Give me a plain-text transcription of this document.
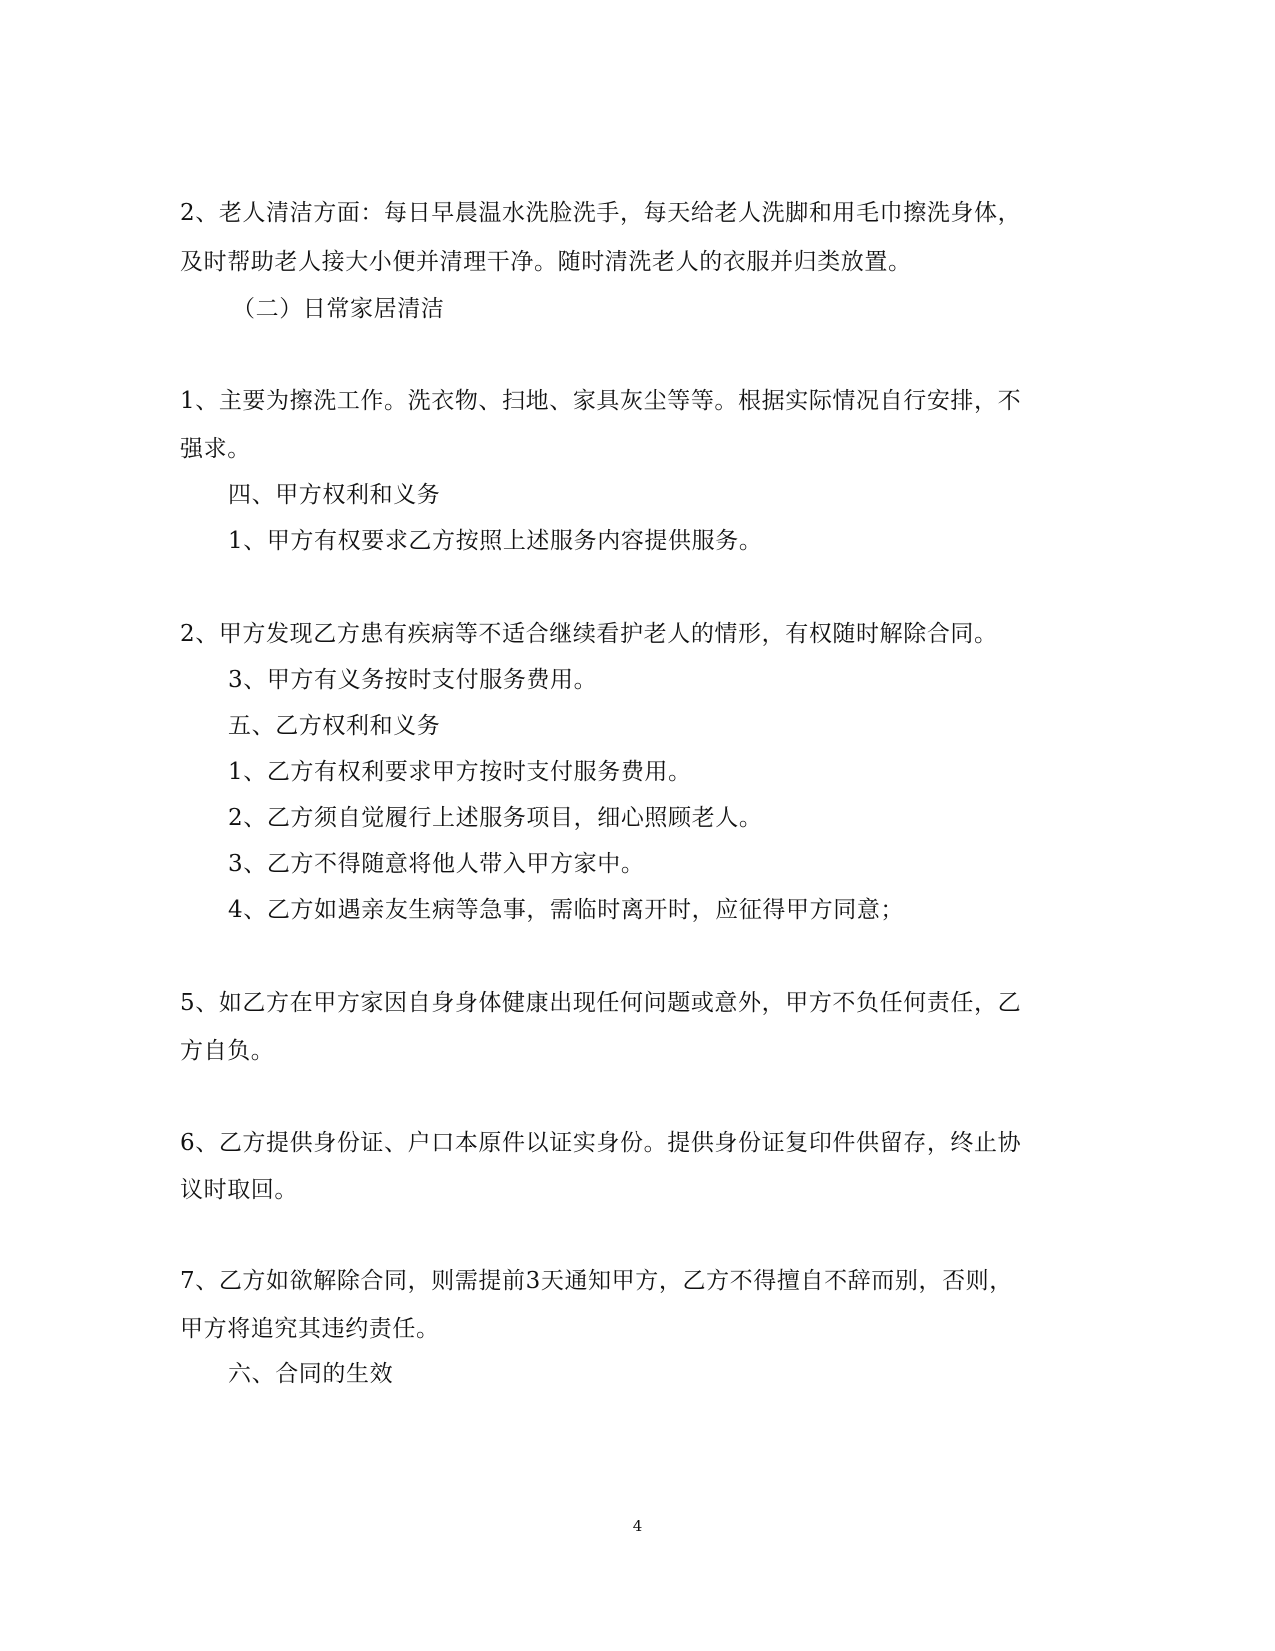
2、老人清洁方面：每日早晨温水洗脸洗手，每天给老人洗脚和用毛巾擦洗身体，
及时帮助老人接大小便并清理干净。随时清洗老人的衣服并归类放置。
（二）日常家居清洁
1、主要为擦洗工作。洗衣物、扫地、家具灰尘等等。根据实际情况自行安排，不
强求。
四、甲方权利和义务
1、甲方有权要求乙方按照上述服务内容提供服务。
2、甲方发现乙方患有疾病等不适合继续看护老人的情形，有权随时解除合同。
3、甲方有义务按时支付服务费用。
五、乙方权利和义务
1、乙方有权利要求甲方按时支付服务费用。
2、乙方须自觉履行上述服务项目，细心照顾老人。
3、乙方不得随意将他人带入甲方家中。
4、乙方如遇亲友生病等急事，需临时离开时，应征得甲方同意；
5、如乙方在甲方家因自身身体健康出现任何问题或意外，甲方不负任何责任，乙
方自负。
6、乙方提供身份证、户口本原件以证实身份。提供身份证复印件供留存，终止协
议时取回。
7、乙方如欲解除合同，则需提前3天通知甲方，乙方不得擅自不辞而别，否则，
甲方将追究其违约责任。
六、合同的生效
4
